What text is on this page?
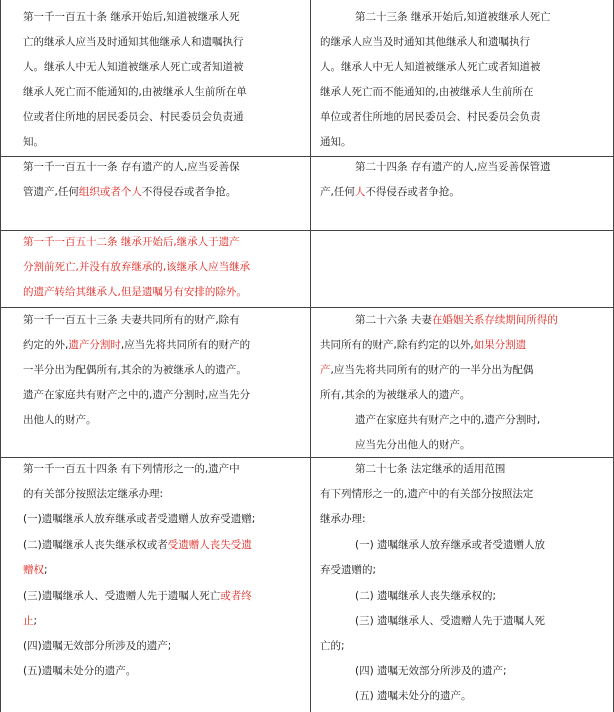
第一千一百五十条 继承开始后,知道被继承人死
亡的继承人应当及时通知其他继承人和遗嘱执行
人。继承人中无人知道被继承人死亡或者知道被
继承人死亡而不能通知的,由被继承人生前所在单
位或者住所地的居民委员会、村民委员会负责通
知。
第二十三条 继承开始后,知道被继承人死亡
的继承人应当及时通知其他继承人和遗嘱执行
人。继承人中无人知道被继承人死亡或者知道被
继承人死亡而不能通知的,由被继承人生前所在
单位或者住所地的居民委员会、村民委员会负责
通知。
第一千一百五十一条 存有遗产的人,应当妥善保
管遗产,任何组织或者个人不得侵吞或者争抢。
第二十四条 存有遗产的人,应当妥善保管遗
产,任何人不得侵吞或者争抢。
第一千一百五十二条 继承开始后,继承人于遗产
分割前死亡,并没有放弃继承的,该继承人应当继承
的遗产转给其继承人,但是遗嘱另有安排的除外。
第一千一百五十三条 夫妻共同所有的财产,除有
约定的外,遗产分割时,应当先将共同所有的财产的
一半分出为配偶所有,其余的为被继承人的遗产。
遗产在家庭共有财产之中的,遗产分割时,应当先分
出他人的财产。
第二十六条 夫妻在婚姻关系存续期间所得的
共同所有的财产,除有约定的以外,如果分割遗
产,应当先将共同所有的财产的一半分出为配偶
所有,其余的为被继承人的遗产。
遗产在家庭共有财产之中的,遗产分割时,
应当先分出他人的财产。
第一千一百五十四条 有下列情形之一的,遗产中
的有关部分按照法定继承办理:
(一)遗嘱继承人放弃继承或者受遗赠人放弃受遗赠;
(二)遗嘱继承人丧失继承权或者受遗赠人丧失受遗
赠权;
(三)遗嘱继承人、受遗赠人先于遗嘱人死亡或者终
止;
(四)遗嘱无效部分所涉及的遗产;
(五)遗嘱未处分的遗产。
第二十七条 法定继承的适用范围
有下列情形之一的,遗产中的有关部分按照法定
继承办理:
(一) 遗嘱继承人放弃继承或者受遗赠人放
弃受遗赠的;
(二) 遗嘱继承人丧失继承权的;
(三) 遗嘱继承人、受遗赠人先于遗嘱人死
亡的;
(四) 遗嘱无效部分所涉及的遗产;
(五) 遗嘱未处分的遗产。
